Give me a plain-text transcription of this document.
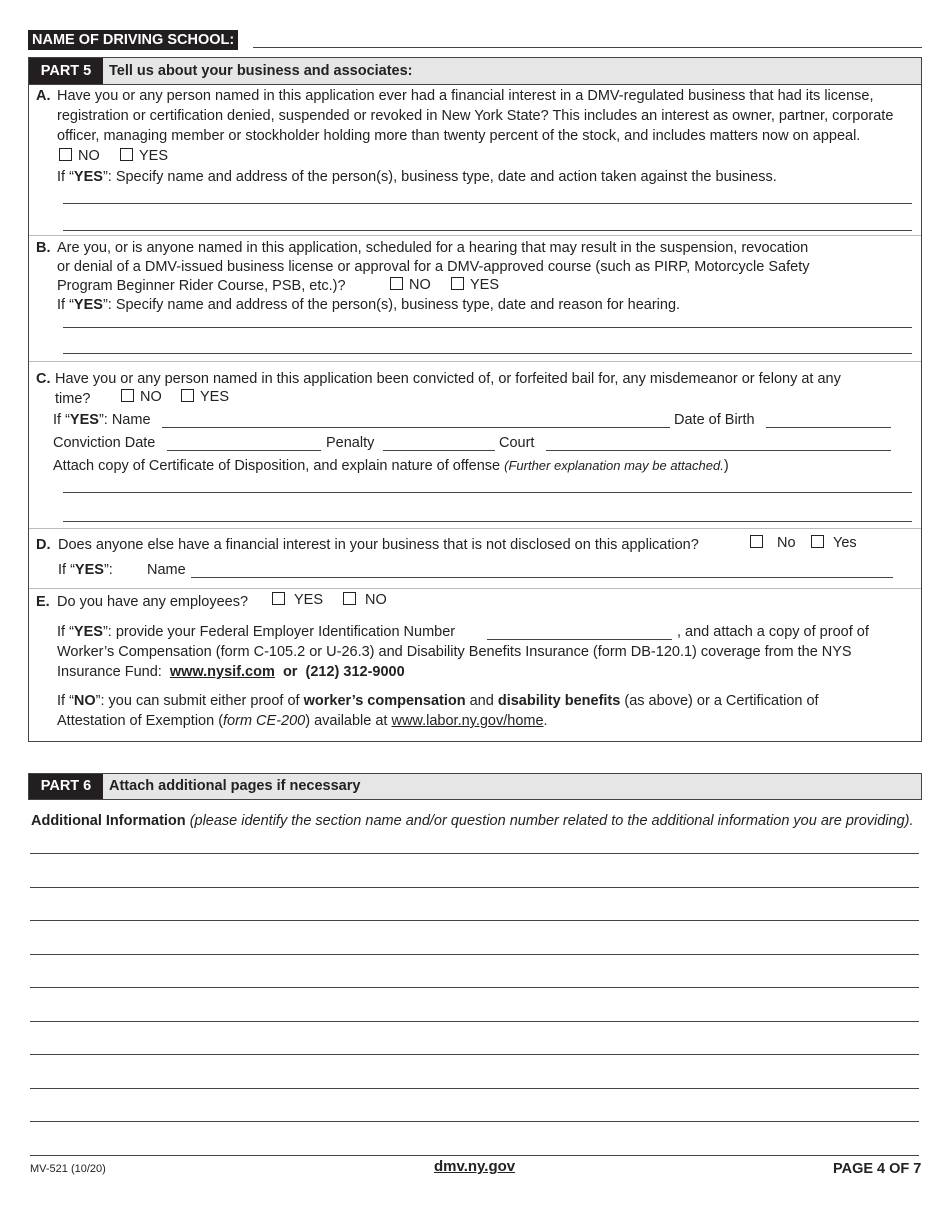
NAME OF DRIVING SCHOOL:
PART 5	Tell us about your business and associates:
A. Have you or any person named in this application ever had a financial interest in a DMV-regulated business that had its license,
registration or certification denied, suspended or revoked in New York State? This includes an interest as owner, partner, corporate
officer, managing member or stockholder holding more than twenty percent of the stock, and includes matters now on appeal.
NO	YES
If “YES”: Specify name and address of the person(s), business type, date and action taken against the business.
B. Are you, or is anyone named in this application, scheduled for a hearing that may result in the suspension, revocation
or denial of a DMV-issued business license or approval for a DMV-approved course (such as PIRP, Motorcycle Safety
Program Beginner Rider Course, PSB, etc.)?	NO	YES
If “YES”: Specify name and address of the person(s), business type, date and reason for hearing.
C. Have you or any person named in this application been convicted of, or forfeited bail for, any misdemeanor or felony at any
time?	NO	YES
If “YES”: Name	Date of Birth
Conviction Date	Penalty	Court
Attach copy of Certificate of Disposition, and explain nature of offense (Further explanation may be attached.)
D. Does anyone else have a financial interest in your business that is not disclosed on this application?	No	Yes
If “YES”: Name
E. Do you have any employees?	YES	NO
If “YES”: provide your Federal Employer Identification Number	, and attach a copy of proof of
Worker’s Compensation (form C-105.2 or U-26.3) and Disability Benefits Insurance (form DB-120.1) coverage from the NYS
Insurance Fund: www.nysif.com or (212) 312-9000
If “NO”: you can submit either proof of worker’s compensation and disability benefits (as above) or a Certification of
Attestation of Exemption (form CE-200) available at www.labor.ny.gov/home.
PART 6	Attach additional pages if necessary
Additional Information (please identify the section name and/or question number related to the additional information you are providing).
MV-521 (10/20)	dmv.ny.gov	PAGE 4 OF 7
